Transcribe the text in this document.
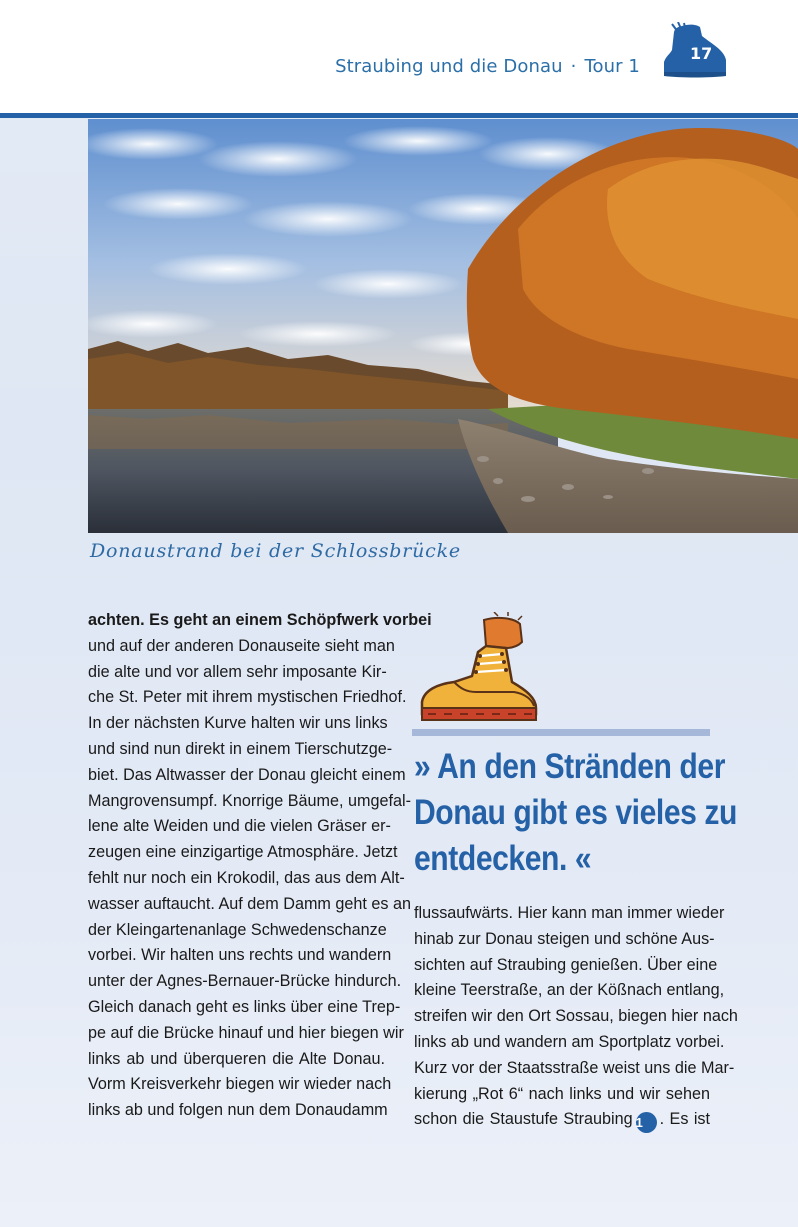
Straubing und die Donau · Tour 1
17
Donaustrand bei der Schlossbrücke
achten. Es geht an einem Schöpfwerk vorbei
und auf der anderen Donauseite sieht man
die alte und vor allem sehr imposante Kir-
che St. Peter mit ihrem mystischen Friedhof.
In der nächsten Kurve halten wir uns links
und sind nun direkt in einem Tierschutzge-
biet. Das Altwasser der Donau gleicht einem
Mangrovensumpf. Knorrige Bäume, umgefal-
lene alte Weiden und die vielen Gräser er-
zeugen eine einzigartige Atmosphäre. Jetzt
fehlt nur noch ein Krokodil, das aus dem Alt-
wasser auftaucht. Auf dem Damm geht es an
der Kleingartenanlage Schwedenschanze
vorbei. Wir halten uns rechts und wandern
unter der Agnes-Bernauer-Brücke hindurch.
Gleich danach geht es links über eine Trep-
pe auf die Brücke hinauf und hier biegen wir
links ab und überqueren die Alte Donau.
Vorm Kreisverkehr biegen wir wieder nach
links ab und folgen nun dem Donaudamm
» An den Stränden der
Donau gibt es vieles zu
entdecken. «
flussaufwärts. Hier kann man immer wieder
hinab zur Donau steigen und schöne Aus-
sichten auf Straubing genießen. Über eine
kleine Teerstraße, an der Kößnach entlang,
streifen wir den Ort Sossau, biegen hier nach
links ab und wandern am Sportplatz vorbei.
Kurz vor der Staatsstraße weist uns die Mar-
kierung „Rot 6“ nach links und wir sehen
schon die Staustufe Straubing 1 . Es ist
